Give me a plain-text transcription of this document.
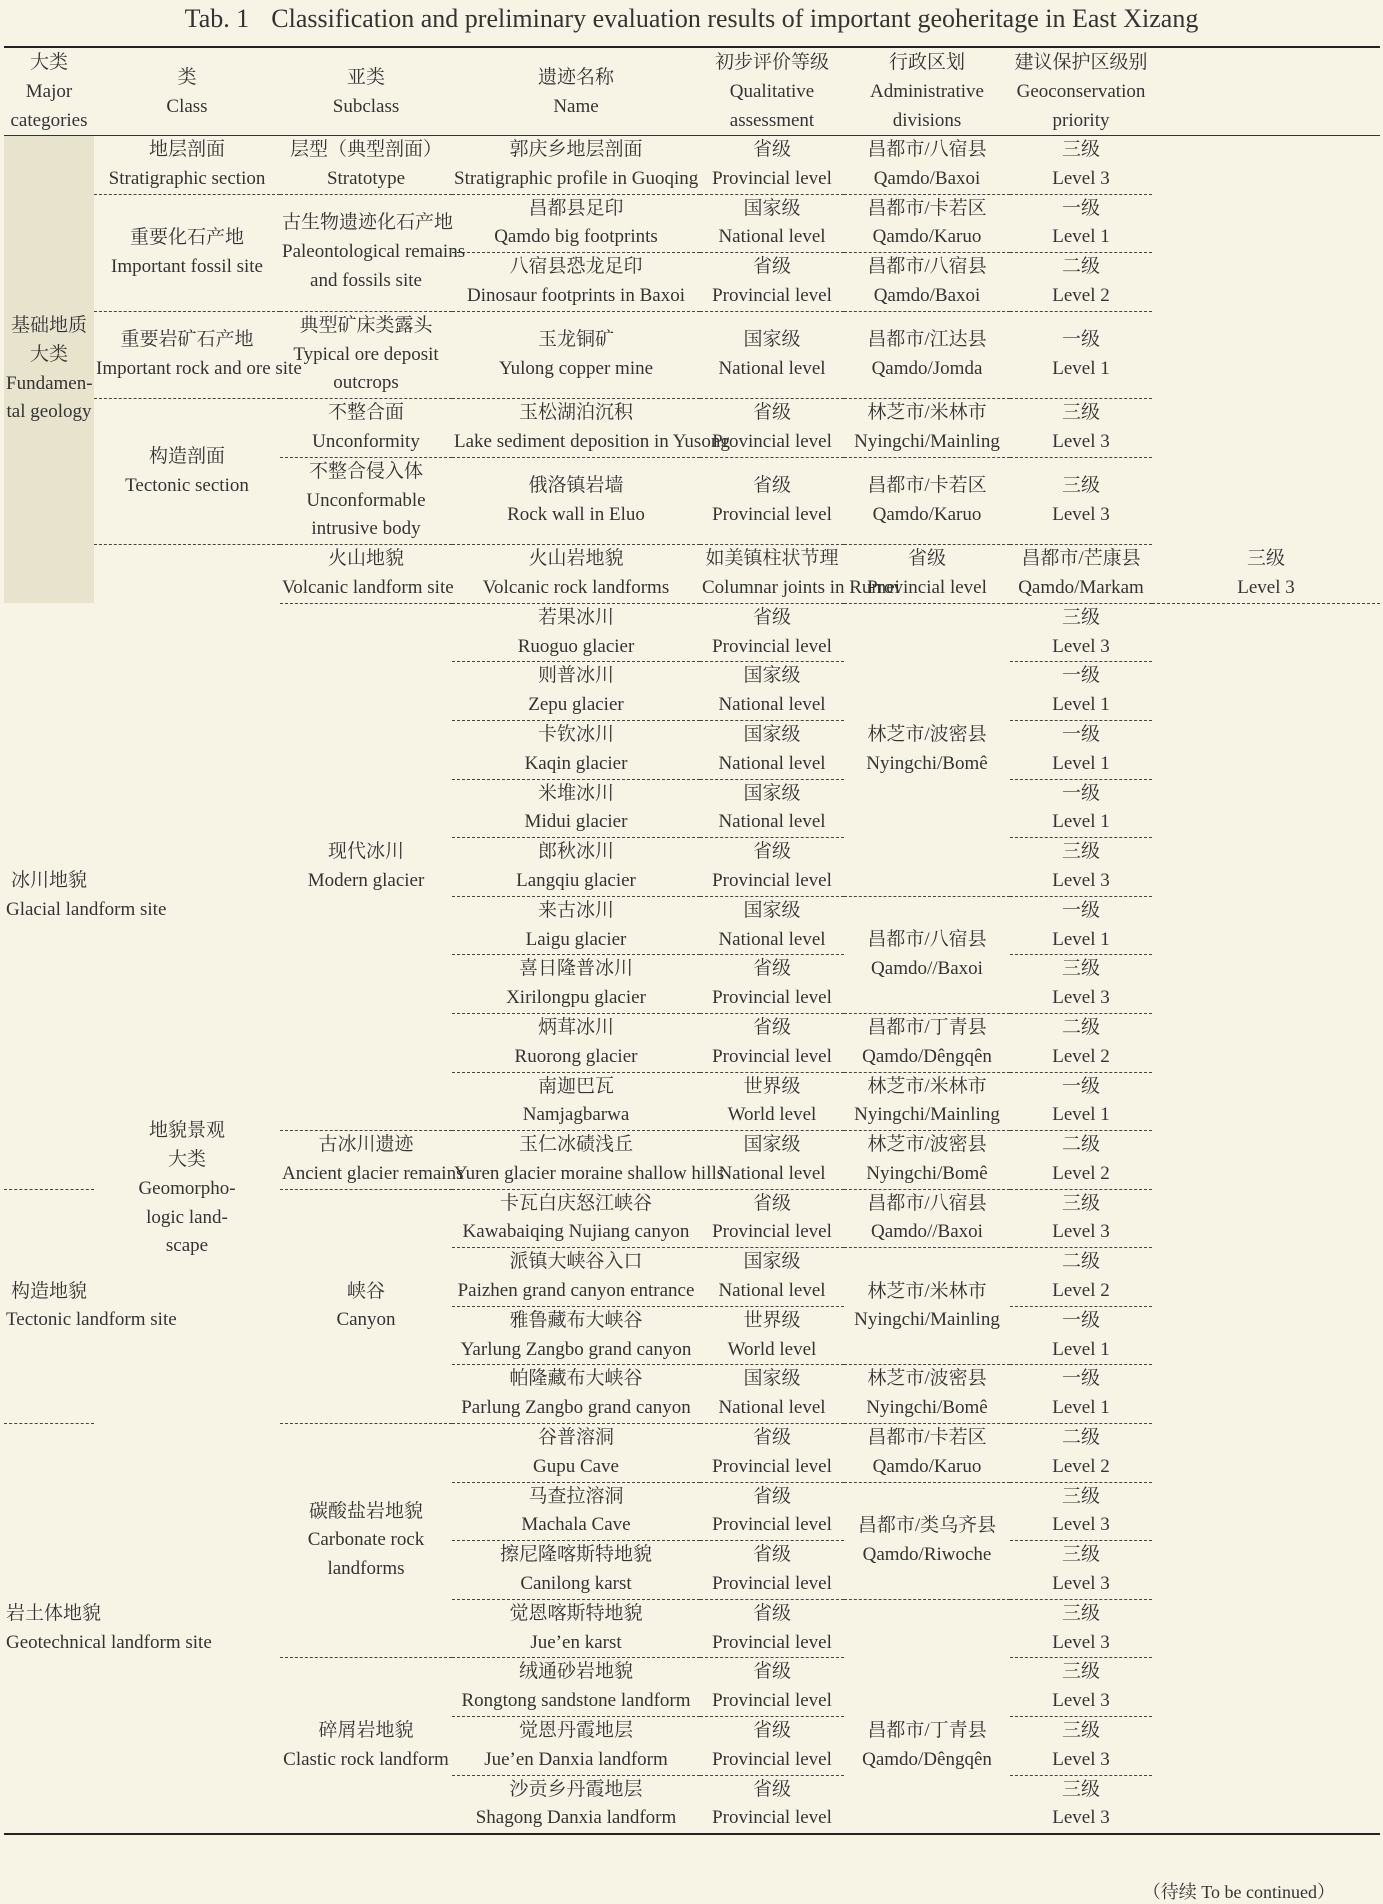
Tab. 1 Classification and preliminary evaluation results of important geoheritage in East Xizang
大类
Major
categories	类
Class	亚类
Subclass	遗迹名称
Name	初步评价等级
Qualitative
assessment	行政区划
Administrative
divisions	建议保护区级别
Geoconservation
priority	

基础地质
大类
Fundamen-
tal geology	地层剖面
Stratigraphic section	层型（典型剖面）
Stratotype	郭庆乡地层剖面
Stratigraphic profile in Guoqing	省级
Provincial level	昌都市/八宿县
Qamdo/Baxoi	三级
Level 3	

	重要化石产地
Important fossil site	古生物遗迹化石产地
Paleontological remains
and fossils site	昌都县足印
Qamdo big footprints	国家级
National level	昌都市/卡若区
Qamdo/Karuo	一级
Level 1	

			八宿县恐龙足印
Dinosaur footprints in Baxoi	省级
Provincial level	昌都市/八宿县
Qamdo/Baxoi	二级
Level 2	

	重要岩矿石产地
Important rock and ore site	典型矿床类露头
Typical ore deposit
outcrops	玉龙铜矿
Yulong copper mine	国家级
National level	昌都市/江达县
Qamdo/Jomda	一级
Level 1	

	构造剖面
Tectonic section	不整合面
Unconformity	玉松湖泊沉积
Lake sediment deposition in Yusong	省级
Provincial level	林芝市/米林市
Nyingchi/Mainling	三级
Level 3	

		不整合侵入体
Unconformable
intrusive body	俄洛镇岩墙
Rock wall in Eluo	省级
Provincial level	昌都市/卡若区
Qamdo/Karuo	三级
Level 3	

	地貌景观
大类
Geomorpho-
logic land-
scape	火山地貌
Volcanic landform site	火山岩地貌
Volcanic rock landforms	如美镇柱状节理
Columnar joints in Rumei	省级
Provincial level	昌都市/芒康县
Qamdo/Markam	三级
Level 3

冰川地貌
Glacial landform site		现代冰川
Modern glacier	若果冰川
Ruoguo glacier	省级
Provincial level	林芝市/波密县
Nyingchi/Bomê	三级
Level 3	

			则普冰川
Zepu glacier	国家级
National level		一级
Level 1	

			卡钦冰川
Kaqin glacier	国家级
National level		一级
Level 1	

			米堆冰川
Midui glacier	国家级
National level		一级
Level 1	

			郎秋冰川
Langqiu glacier	省级
Provincial level		三级
Level 3	

			来古冰川
Laigu glacier	国家级
National level	昌都市/八宿县
Qamdo//Baxoi	一级
Level 1	

			喜日隆普冰川
Xirilongpu glacier	省级
Provincial level		三级
Level 3	

			炳茸冰川
Ruorong glacier	省级
Provincial level	昌都市/丁青县
Qamdo/Dêngqên	二级
Level 2	

			南迦巴瓦
Namjagbarwa	世界级
World level	林芝市/米林市
Nyingchi/Mainling	一级
Level 1	

		古冰川遗迹
Ancient glacier remains	玉仁冰碛浅丘
Yuren glacier moraine shallow hills	国家级
National level	林芝市/波密县
Nyingchi/Bomê	二级
Level 2	

构造地貌
Tectonic landform site		峡谷
Canyon	卡瓦白庆怒江峡谷
Kawabaiqing Nujiang canyon	省级
Provincial level	昌都市/八宿县
Qamdo//Baxoi	三级
Level 3	

			派镇大峡谷入口
Paizhen grand canyon entrance	国家级
National level	林芝市/米林市
Nyingchi/Mainling	二级
Level 2	

			雅鲁藏布大峡谷
Yarlung Zangbo grand canyon	世界级
World level		一级
Level 1	

			帕隆藏布大峡谷
Parlung Zangbo grand canyon	国家级
National level	林芝市/波密县
Nyingchi/Bomê	一级
Level 1	

岩土体地貌
Geotechnical landform site		碳酸盐岩地貌
Carbonate rock
landforms	谷普溶洞
Gupu Cave	省级
Provincial level	昌都市/卡若区
Qamdo/Karuo	二级
Level 2	

			马查拉溶洞
Machala Cave	省级
Provincial level	昌都市/类乌齐县
Qamdo/Riwoche	三级
Level 3	

			擦尼隆喀斯特地貌
Canilong karst	省级
Provincial level		三级
Level 3	

			觉恩喀斯特地貌
Jue’en karst	省级
Provincial level		三级
Level 3	

		碎屑岩地貌
Clastic rock landform	绒通砂岩地貌
Rongtong sandstone landform	省级
Provincial level	昌都市/丁青县
Qamdo/Dêngqên	三级
Level 3	

			觉恩丹霞地层
Jue’en Danxia landform	省级
Provincial level		三级
Level 3	

			沙贡乡丹霞地层
Shagong Danxia landform	省级
Provincial level		三级
Level 3	
（待续 To be continued）
